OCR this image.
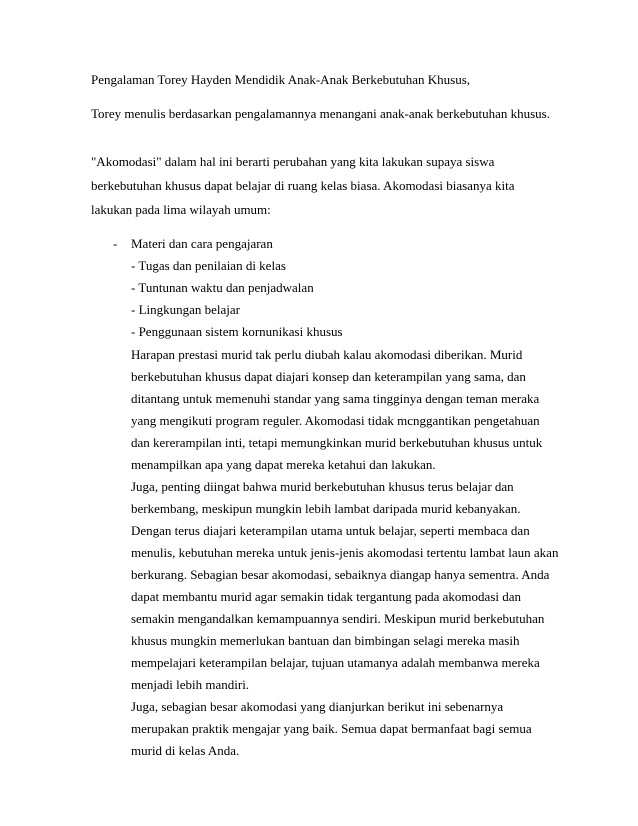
Pengalaman Torey Hayden Mendidik Anak-Anak Berkebutuhan Khusus,
Torey menulis berdasarkan pengalamannya menangani anak-anak berkebutuhan khusus.
"Akomodasi" dalam hal ini berarti perubahan yang kita lakukan supaya siswa
berkebutuhan khusus dapat belajar di ruang kelas biasa. Akomodasi biasanya kita
lakukan pada lima wilayah umum:
- Materi dan cara pengajaran
- Tugas dan penilaian di kelas
- Tuntunan waktu dan penjadwalan
- Lingkungan belajar
- Penggunaan sistem kornunikasi khusus
Harapan prestasi murid tak perlu diubah kalau akomodasi diberikan. Murid
berkebutuhan khusus dapat diajari konsep dan keterampilan yang sama, dan
ditantang untuk memenuhi standar yang sama tingginya dengan teman meraka
yang mengikuti program reguler. Akomodasi tidak mcnggantikan pengetahuan
dan kererampilan inti, tetapi memungkinkan murid berkebutuhan khusus untuk
menampilkan apa yang dapat mereka ketahui dan lakukan.
Juga, penting diingat bahwa murid berkebutuhan khusus terus belajar dan
berkembang, meskipun mungkin lebih lambat daripada murid kebanyakan.
Dengan terus diajari keterampilan utama untuk belajar, seperti membaca dan
menulis, kebutuhan mereka untuk jenis-jenis akomodasi tertentu lambat laun akan
berkurang. Sebagian besar akomodasi, sebaiknya diangap hanya sementra. Anda
dapat membantu murid agar semakin tidak tergantung pada akomodasi dan
semakin mengandalkan kemampuannya sendiri. Meskipun murid berkebutuhan
khusus mungkin memerlukan bantuan dan bimbingan selagi mereka masih
mempelajari keterampilan belajar, tujuan utamanya adalah membanwa mereka
menjadi lebih mandiri.
Juga, sebagian besar akomodasi yang dianjurkan berikut ini sebenarnya
merupakan praktik mengajar yang baik. Semua dapat bermanfaat bagi semua
murid di kelas Anda.
